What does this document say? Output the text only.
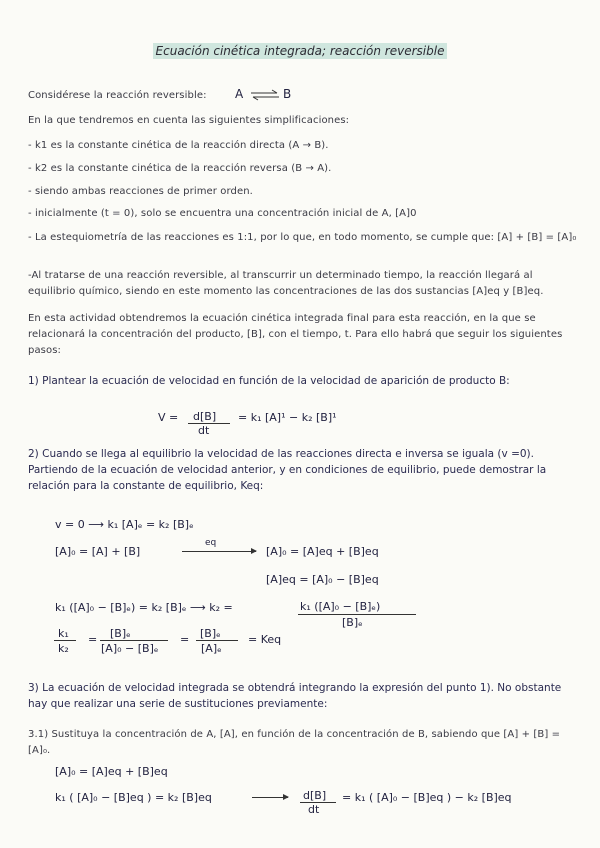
Ecuación cinética integrada; reacción reversible
Considérese la reacción reversible: A ⇌ B
En la que tendremos en cuenta las siguientes simplificaciones:
- k1 es la constante cinética de la reacción directa (A → B).
- k2 es la constante cinética de la reacción reversa (B → A).
- siendo ambas reacciones de primer orden.
- inicialmente (t = 0), solo se encuentra una concentración inicial de A, [A]0
- La estequiometría de las reacciones es 1:1, por lo que, en todo momento, se cumple que: [A] + [B] = [A]₀
-Al tratarse de una reacción reversible, al transcurrir un determinado tiempo, la reacción llegará al equilibrio químico, siendo en este momento las concentraciones de las dos sustancias [A]eq y [B]eq.
En esta actividad obtendremos la ecuación cinética integrada final para esta reacción, en la que se relacionará la concentración del producto, [B], con el tiempo, t. Para ello habrá que seguir los siguientes pasos:
1) Plantear la ecuación de velocidad en función de la velocidad de aparición de producto B:
V = d[B]
dt
= k₁ [A]¹ − k₂ [B]¹
2) Cuando se llega al equilibrio la velocidad de las reacciones directa e inversa se iguala (v =0). Partiendo de la ecuación de velocidad anterior, y en condiciones de equilibrio, puede demostrar la relación para la constante de equilibrio, Keq:
v = 0 ⟶ k₁ [A]ₑ = k₂ [B]ₑ
[A]₀ = [A] + [B]
eq
[A]₀ = [A]eq + [B]eq
[A]eq = [A]₀ − [B]eq
k₁ ([A]₀ − [B]ₑ) = k₂ [B]ₑ ⟶ k₂ =	k₁ ([A]₀ − [B]ₑ)
[B]ₑ
k₁
k₂
= [B]ₑ
[A]₀ − [B]ₑ
= [B]ₑ
[A]ₑ
= Keq
3) La ecuación de velocidad integrada se obtendrá integrando la expresión del punto 1). No obstante hay que realizar una serie de sustituciones previamente:
3.1) Sustituya la concentración de A, [A], en función de la concentración de B, sabiendo que [A] + [B] = [A]₀.
[A]₀ = [A]eq + [B]eq
k₁ ( [A]₀ − [B]eq ) = k₂ [B]eq	d[B]
dt
= k₁ ( [A]₀ − [B]eq ) − k₂ [B]eq
